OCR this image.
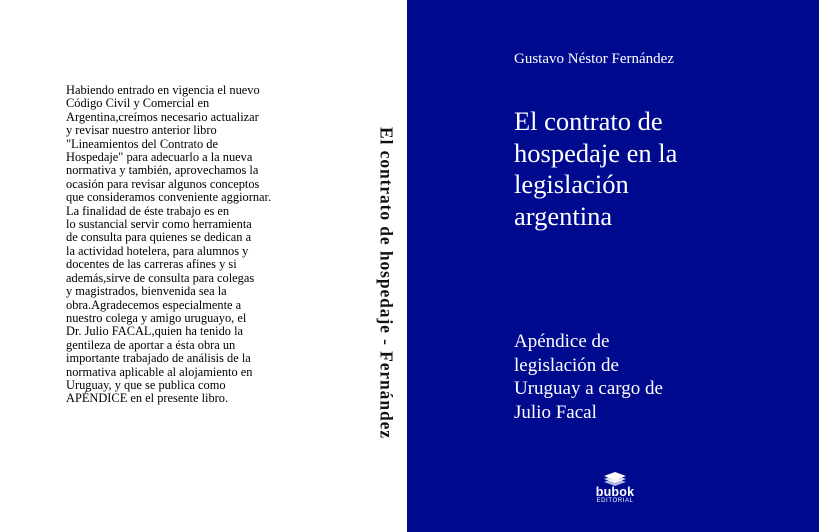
Habiendo entrado en vigencia el nuevo
Código Civil y Comercial en
Argentina,creímos necesario actualizar
y revisar nuestro anterior libro
"Lineamientos del Contrato de
Hospedaje" para adecuarlo a la nueva
normativa y también, aprovechamos la
ocasión para revisar algunos conceptos
que consideramos conveniente aggiornar.
La finalidad de éste trabajo es en
lo sustancial servir como herramienta
de consulta para quienes se dedican a
la actividad hotelera, para alumnos y
docentes de las carreras afines y si
además,sirve de consulta para colegas
y magistrados, bienvenida sea la
obra.Agradecemos especialmente a
nuestro colega y amigo uruguayo, el
Dr. Julio FACAL,quien ha tenido la
gentileza de aportar a ésta obra un
importante trabajado de análisis de la
normativa aplicable al alojamiento en
Uruguay, y que se publica como
APÉNDICE en el presente libro.	El contrato de hospedaje - Fernández
Gustavo Néstor Fernández
El contrato de
hospedaje en la
legislación
argentina
Apéndice de
legislación de
Uruguay a cargo de
Julio Facal
bubok
EDITORIAL
